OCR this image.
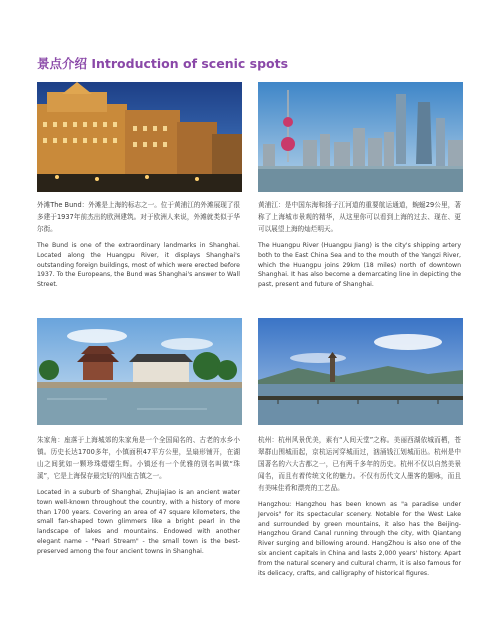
景点介绍 Introduction of scenic spots

外滩The Bund：外滩是上海的标志之一。位于黄浦江的外滩展现了很多建于1937年前杰出的欧洲建筑。对于欧洲人来说，外滩就类似于华尔街。

The Bund is one of the extraordinary landmarks in Shanghai. Located along the Huangpu River, it displays Shanghai's outstanding foreign buildings, most of which were erected before 1937. To the Europeans, the Bund was Shanghai's answer to Wall Street.

黄浦江：是中国东海和扬子江河道的重要航运通道，蜿蜒29公里，著称了上海城市景观的精华，从这里你可以看到上海的过去、现在、更可以展望上海的灿烂明天。

The Huangpu River (Huangpu Jiang) is the city's shipping artery both to the East China Sea and to the mouth of the Yangzi River, which the Huangpu joins 29km (18 miles) north of downtown Shanghai. It has also become a demarcating line in depicting the past, present and future of Shanghai.

朱家角：座落于上海城郊的朱家角是一个全国闻名的、古老的水乡小镇。历史长达1700多年，小镇面积47平方公里，呈扇形铺开，在湖山之间犹如一颗珍珠熠熠生辉。小镇还有一个优雅的别名叫做“珠溪”，它是上海保存最完好的四座古镇之一。

Located in a suburb of Shanghai, Zhujiajiao is an ancient water town well-known throughout the country, with a history of more than 1700 years. Covering an area of 47 square kilometers, the small fan-shaped town glimmers like a bright pearl in the landscape of lakes and mountains. Endowed with another elegant name - "Pearl Stream" - the small town is the best-preserved among the four ancient towns in Shanghai.

杭州：杭州风景优美，素有“人间天堂”之称。美丽西湖依城而栖，苍翠群山围城而起，京杭运河穿城而过，汹涌钱江划城而出。杭州是中国著名的六大古都之一，已有两千多年的历史。杭州不仅以自然美景闻名，而且有着传统文化的魅力。不仅有历代文人墨客的题咏，而且有美味佳肴和漂亮的工艺品。

Hangzhou: Hangzhou has been known as "a paradise under Jervois" for its spectacular scenery. Notable for the West Lake and surrounded by green mountains, it also has the Beijing-Hangzhou Grand Canal running through the city, with Qiantang River surging and billowing around. HangZhou is also one of the six ancient capitals in China and lasts 2,000 years' history. Apart from the natural scenery and cultural charm, it is also famous for its delicacy, crafts, and calligraphy of historical figures.
